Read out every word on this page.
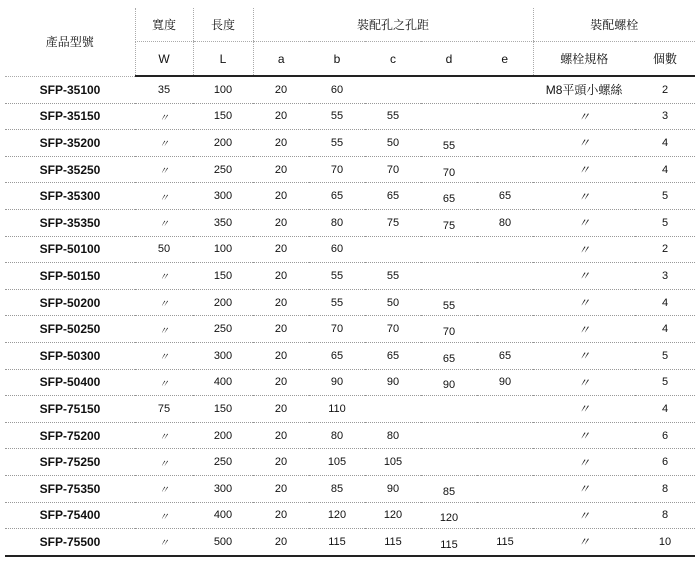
產品型號	寬度	長度	裝配孔之孔距					裝配螺栓	
	W	L	a	b	c	d	e	螺栓規格	個數
SFP-35100	35	100	20	60				M8平頭小螺絲	2
SFP-35150	〃	150	20	55	55			〃	3
SFP-35200	〃	200	20	55	50	55		〃	4
SFP-35250	〃	250	20	70	70	70		〃	4
SFP-35300	〃	300	20	65	65	65	65	〃	5
SFP-35350	〃	350	20	80	75	75	80	〃	5
SFP-50100	50	100	20	60				〃	2
SFP-50150	〃	150	20	55	55			〃	3
SFP-50200	〃	200	20	55	50	55		〃	4
SFP-50250	〃	250	20	70	70	70		〃	4
SFP-50300	〃	300	20	65	65	65	65	〃	5
SFP-50400	〃	400	20	90	90	90	90	〃	5
SFP-75150	75	150	20	110				〃	4
SFP-75200	〃	200	20	80	80			〃	6
SFP-75250	〃	250	20	105	105			〃	6
SFP-75350	〃	300	20	85	90	85		〃	8
SFP-75400	〃	400	20	120	120	120		〃	8
SFP-75500	〃	500	20	115	115	115	115	〃	10
